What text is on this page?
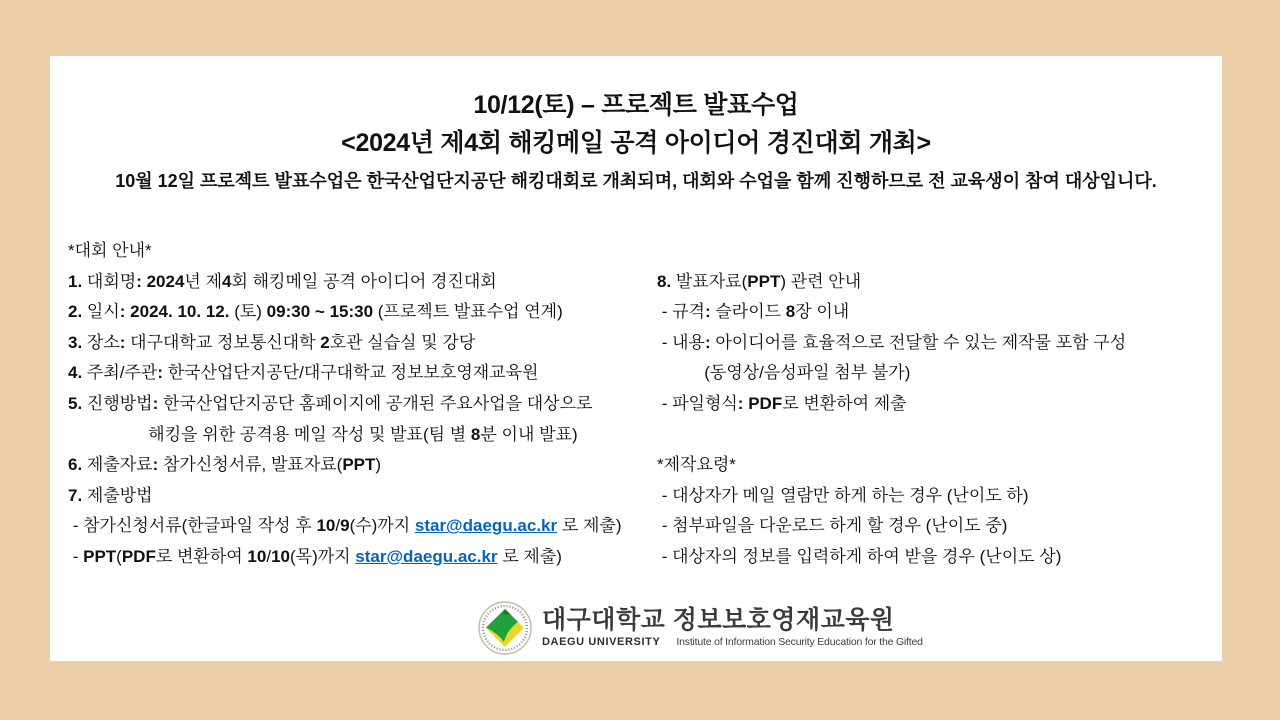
10/12(토) – 프로젝트 발표수업
<2024년 제4회 해킹메일 공격 아이디어 경진대회 개최>
10월 12일 프로젝트 발표수업은 한국산업단지공단 해킹대회로 개최되며, 대회와 수업을 함께 진행하므로 전 교육생이 참여 대상입니다.
*대회 안내*
1. 대회명: 2024년 제4회 해킹메일 공격 아이디어 경진대회
2. 일시: 2024. 10. 12. (토) 09:30 ~ 15:30 (프로젝트 발표수업 연계)
3. 장소: 대구대학교 정보통신대학 2호관 실습실 및 강당
4. 주최/주관: 한국산업단지공단/대구대학교 정보보호영재교육원
5. 진행방법: 한국산업단지공단 홈페이지에 공개된 주요사업을 대상으로
해킹을 위한 공격용 메일 작성 및 발표(팀 별 8분 이내 발표)
6. 제출자료: 참가신청서류, 발표자료(PPT)
7. 제출방법
- 참가신청서류(한글파일 작성 후 10/9(수)까지 star@daegu.ac.kr 로 제출)
- PPT(PDF로 변환하여 10/10(목)까지 star@daegu.ac.kr 로 제출)

8. 발표자료(PPT) 관련 안내
- 규격: 슬라이드 8장 이내
- 내용: 아이디어를 효율적으로 전달할 수 있는 제작물 포함 구성
(동영상/음성파일 첨부 불가)
- 파일형식: PDF로 변환하여 제출

*제작요령*
- 대상자가 메일 열람만 하게 하는 경우 (난이도 하)
- 첨부파일을 다운로드 하게 할 경우 (난이도 중)
- 대상자의 정보를 입력하게 하여 받을 경우 (난이도 상)
대구대학교 정보보호영재교육원
DAEGU UNIVERSITY Institute of Information Security Education for the Gifted
